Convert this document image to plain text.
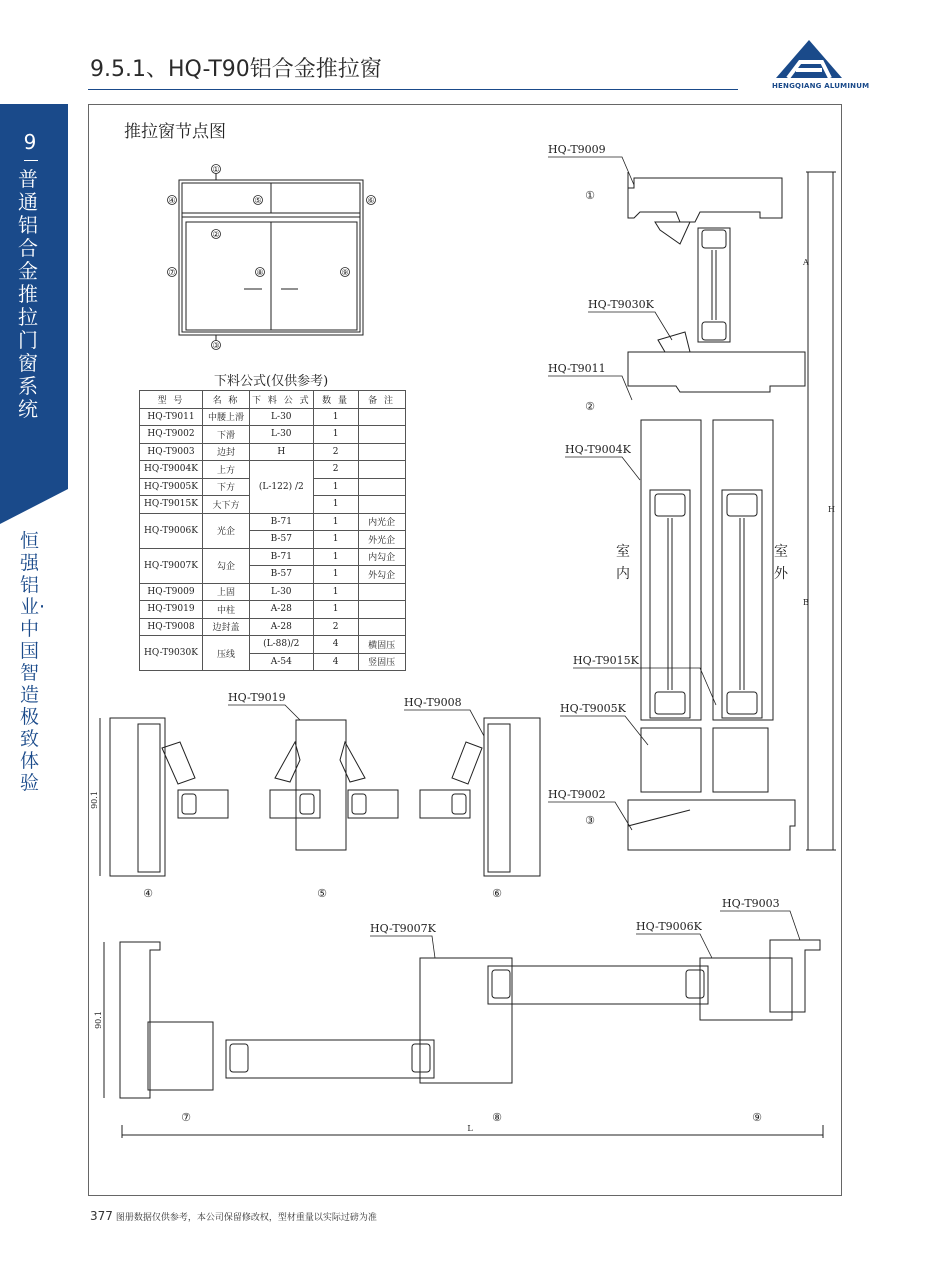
9.5.1、HQ-T90铝合金推拉窗
HENGQIANG ALUMINUM
9
普通铝合金推拉门窗系统
恒强铝业·中国智造 极致体验
推拉窗节点图
①
④	⑤	⑥
②
⑦	⑧	⑨
③
HQ-T9009
HQ-T9030K
HQ-T9011
HQ-T9004K
HQ-T9015K
HQ-T9005K
HQ-T9002
①
②
③
室
内
室
外
A
B
H
HQ-T9019	HQ-T9008
④	⑤	⑥
90.1
HQ-T9007K	HQ-T9006K
HQ-T9003
⑦	⑧	⑨
90.1
L
下料公式(仅供参考)
型 号	名 称	下 料 公 式	数 量	备 注
HQ-T9011	中腰上滑	L-30	1	
HQ-T9002	下滑	L-30	1	
HQ-T9003	边封	H	2	
HQ-T9004K	上方	(L-122) /2	2	
HQ-T9005K	下方		1	
HQ-T9015K	大下方		1	
HQ-T9006K	光企	B-71	1	内光企
		B-57	1	外光企
HQ-T9007K	勾企	B-71	1	内勾企
		B-57	1	外勾企
HQ-T9009	上固	L-30	1	
HQ-T9019	中柱	A-28	1	
HQ-T9008	边封盖	A-28	2	
HQ-T9030K	压线	(L-88)/2	4	横固压
		A-54	4	竖固压
377 图册数据仅供参考，本公司保留修改权，型材重量以实际过磅为准
